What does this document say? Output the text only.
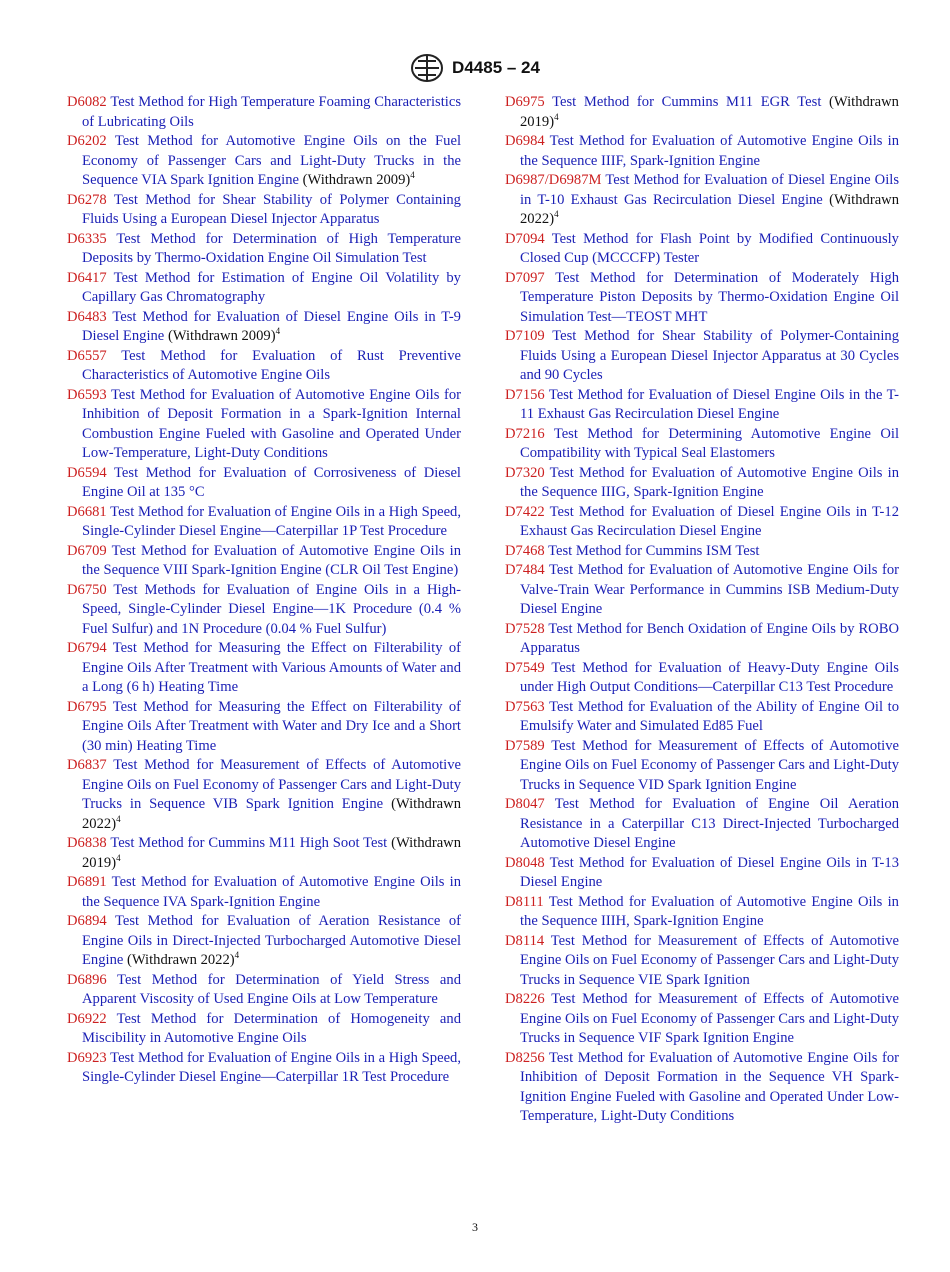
D4485 – 24

D6082 Test Method for High Temperature Foaming Characteristics of Lubricating Oils

D6202 Test Method for Automotive Engine Oils on the Fuel Economy of Passenger Cars and Light-Duty Trucks in the Sequence VIA Spark Ignition Engine (Withdrawn 2009)$^4$

D6278 Test Method for Shear Stability of Polymer Containing Fluids Using a European Diesel Injector Apparatus

D6335 Test Method for Determination of High Temperature Deposits by Thermo-Oxidation Engine Oil Simulation Test

D6417 Test Method for Estimation of Engine Oil Volatility by Capillary Gas Chromatography

D6483 Test Method for Evaluation of Diesel Engine Oils in T-9 Diesel Engine (Withdrawn 2009)$^4$

D6557 Test Method for Evaluation of Rust Preventive Characteristics of Automotive Engine Oils

D6593 Test Method for Evaluation of Automotive Engine Oils for Inhibition of Deposit Formation in a Spark-Ignition Internal Combustion Engine Fueled with Gasoline and Operated Under Low-Temperature, Light-Duty Conditions

D6594 Test Method for Evaluation of Corrosiveness of Diesel Engine Oil at 135 °C

D6681 Test Method for Evaluation of Engine Oils in a High Speed, Single-Cylinder Diesel Engine—Caterpillar 1P Test Procedure

D6709 Test Method for Evaluation of Automotive Engine Oils in the Sequence VIII Spark-Ignition Engine (CLR Oil Test Engine)

D6750 Test Methods for Evaluation of Engine Oils in a High-Speed, Single-Cylinder Diesel Engine—1K Procedure (0.4 % Fuel Sulfur) and 1N Procedure (0.04 % Fuel Sulfur)

D6794 Test Method for Measuring the Effect on Filterability of Engine Oils After Treatment with Various Amounts of Water and a Long (6 h) Heating Time

D6795 Test Method for Measuring the Effect on Filterability of Engine Oils After Treatment with Water and Dry Ice and a Short (30 min) Heating Time

D6837 Test Method for Measurement of Effects of Automotive Engine Oils on Fuel Economy of Passenger Cars and Light-Duty Trucks in Sequence VIB Spark Ignition Engine (Withdrawn 2022)$^4$

D6838 Test Method for Cummins M11 High Soot Test (Withdrawn 2019)$^4$

D6891 Test Method for Evaluation of Automotive Engine Oils in the Sequence IVA Spark-Ignition Engine

D6894 Test Method for Evaluation of Aeration Resistance of Engine Oils in Direct-Injected Turbocharged Automotive Diesel Engine (Withdrawn 2022)$^4$

D6896 Test Method for Determination of Yield Stress and Apparent Viscosity of Used Engine Oils at Low Temperature

D6922 Test Method for Determination of Homogeneity and Miscibility in Automotive Engine Oils

D6923 Test Method for Evaluation of Engine Oils in a High Speed, Single-Cylinder Diesel Engine—Caterpillar 1R Test Procedure

D6975 Test Method for Cummins M11 EGR Test (Withdrawn 2019)$^4$

D6984 Test Method for Evaluation of Automotive Engine Oils in the Sequence IIIF, Spark-Ignition Engine

D6987/D6987M Test Method for Evaluation of Diesel Engine Oils in T-10 Exhaust Gas Recirculation Diesel Engine (Withdrawn 2022)$^4$

D7094 Test Method for Flash Point by Modified Continuously Closed Cup (MCCCFP) Tester

D7097 Test Method for Determination of Moderately High Temperature Piston Deposits by Thermo-Oxidation Engine Oil Simulation Test—TEOST MHT

D7109 Test Method for Shear Stability of Polymer-Containing Fluids Using a European Diesel Injector Apparatus at 30 Cycles and 90 Cycles

D7156 Test Method for Evaluation of Diesel Engine Oils in the T-11 Exhaust Gas Recirculation Diesel Engine

D7216 Test Method for Determining Automotive Engine Oil Compatibility with Typical Seal Elastomers

D7320 Test Method for Evaluation of Automotive Engine Oils in the Sequence IIIG, Spark-Ignition Engine

D7422 Test Method for Evaluation of Diesel Engine Oils in T-12 Exhaust Gas Recirculation Diesel Engine

D7468 Test Method for Cummins ISM Test

D7484 Test Method for Evaluation of Automotive Engine Oils for Valve-Train Wear Performance in Cummins ISB Medium-Duty Diesel Engine

D7528 Test Method for Bench Oxidation of Engine Oils by ROBO Apparatus

D7549 Test Method for Evaluation of Heavy-Duty Engine Oils under High Output Conditions—Caterpillar C13 Test Procedure

D7563 Test Method for Evaluation of the Ability of Engine Oil to Emulsify Water and Simulated Ed85 Fuel

D7589 Test Method for Measurement of Effects of Automotive Engine Oils on Fuel Economy of Passenger Cars and Light-Duty Trucks in Sequence VID Spark Ignition Engine

D8047 Test Method for Evaluation of Engine Oil Aeration Resistance in a Caterpillar C13 Direct-Injected Turbocharged Automotive Diesel Engine

D8048 Test Method for Evaluation of Diesel Engine Oils in T-13 Diesel Engine

D8111 Test Method for Evaluation of Automotive Engine Oils in the Sequence IIIH, Spark-Ignition Engine

D8114 Test Method for Measurement of Effects of Automotive Engine Oils on Fuel Economy of Passenger Cars and Light-Duty Trucks in Sequence VIE Spark Ignition

D8226 Test Method for Measurement of Effects of Automotive Engine Oils on Fuel Economy of Passenger Cars and Light-Duty Trucks in Sequence VIF Spark Ignition Engine

D8256 Test Method for Evaluation of Automotive Engine Oils for Inhibition of Deposit Formation in the Sequence VH Spark-Ignition Engine Fueled with Gasoline and Operated Under Low-Temperature, Light-Duty Conditions

3
